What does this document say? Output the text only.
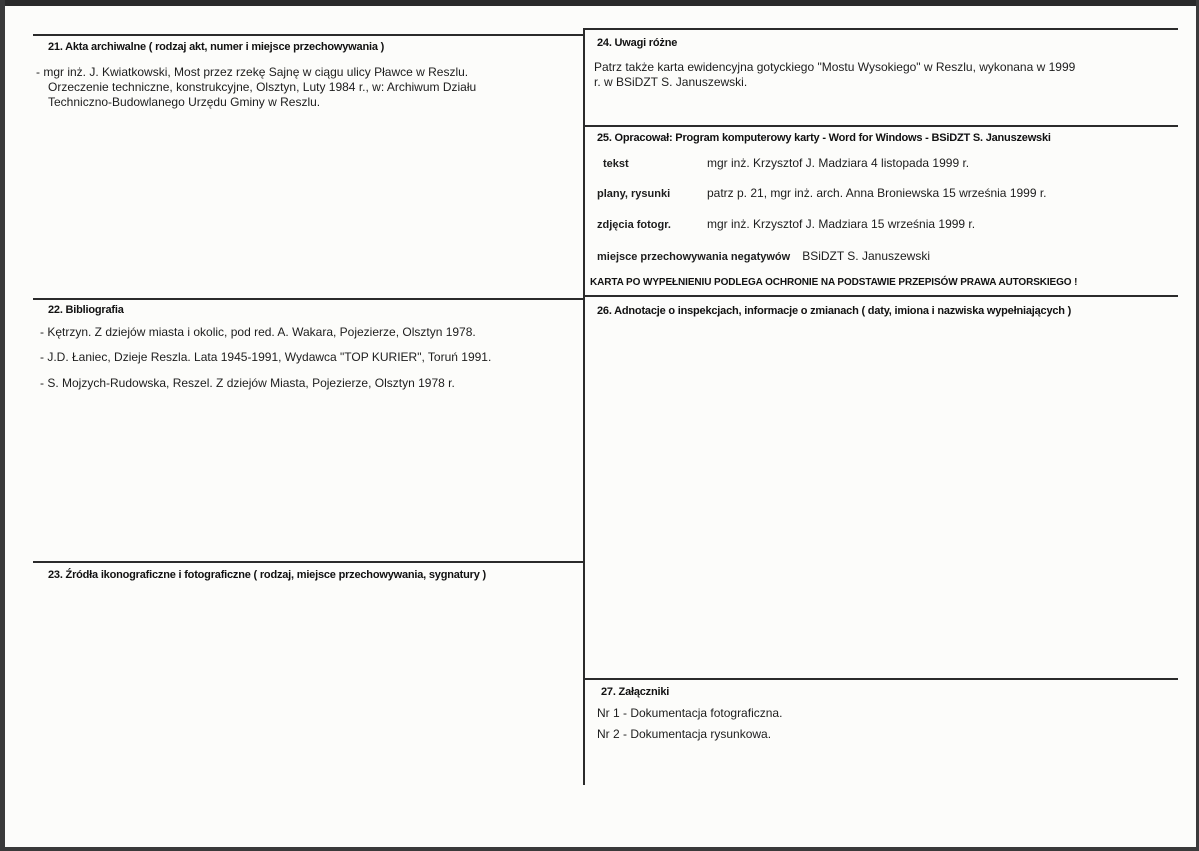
21. Akta archiwalne ( rodzaj akt, numer i miejsce przechowywania )
- mgr inż. J. Kwiatkowski, Most przez rzekę Sajnę w ciągu ulicy Pławce w Reszlu.
Orzeczenie techniczne, konstrukcyjne, Olsztyn, Luty 1984 r., w: Archiwum Działu
Techniczno-Budowlanego Urzędu Gminy w Reszlu.
22. Bibliografia
- Kętrzyn. Z dziejów miasta i okolic, pod red. A. Wakara, Pojezierze, Olsztyn 1978.
- J.D. Łaniec, Dzieje Reszla. Lata 1945-1991, Wydawca "TOP KURIER", Toruń 1991.
- S. Mojzych-Rudowska, Reszel. Z dziejów Miasta, Pojezierze, Olsztyn 1978 r.
23. Źródła ikonograficzne i fotograficzne ( rodzaj, miejsce przechowywania, sygnatury )
24. Uwagi różne
Patrz także karta ewidencyjna gotyckiego "Mostu Wysokiego" w Reszlu, wykonana w 1999
r. w BSiDZT S. Januszewski.
25. Opracował: Program komputerowy karty - Word for Windows - BSiDZT S. Januszewski
tekst	mgr inż. Krzysztof J. Madziara 4 listopada 1999 r.
plany, rysunki	patrz p. 21, mgr inż. arch. Anna Broniewska 15 września 1999 r.
zdjęcia fotogr.	mgr inż. Krzysztof J. Madziara 15 września 1999 r.
miejsce przechowywania negatywów BSiDZT S. Januszewski
KARTA PO WYPEŁNIENIU PODLEGA OCHRONIE NA PODSTAWIE PRZEPISÓW PRAWA AUTORSKIEGO !
26. Adnotacje o inspekcjach, informacje o zmianach ( daty, imiona i nazwiska wypełniających )
27. Załączniki
Nr 1 - Dokumentacja fotograficzna.
Nr 2 - Dokumentacja rysunkowa.
